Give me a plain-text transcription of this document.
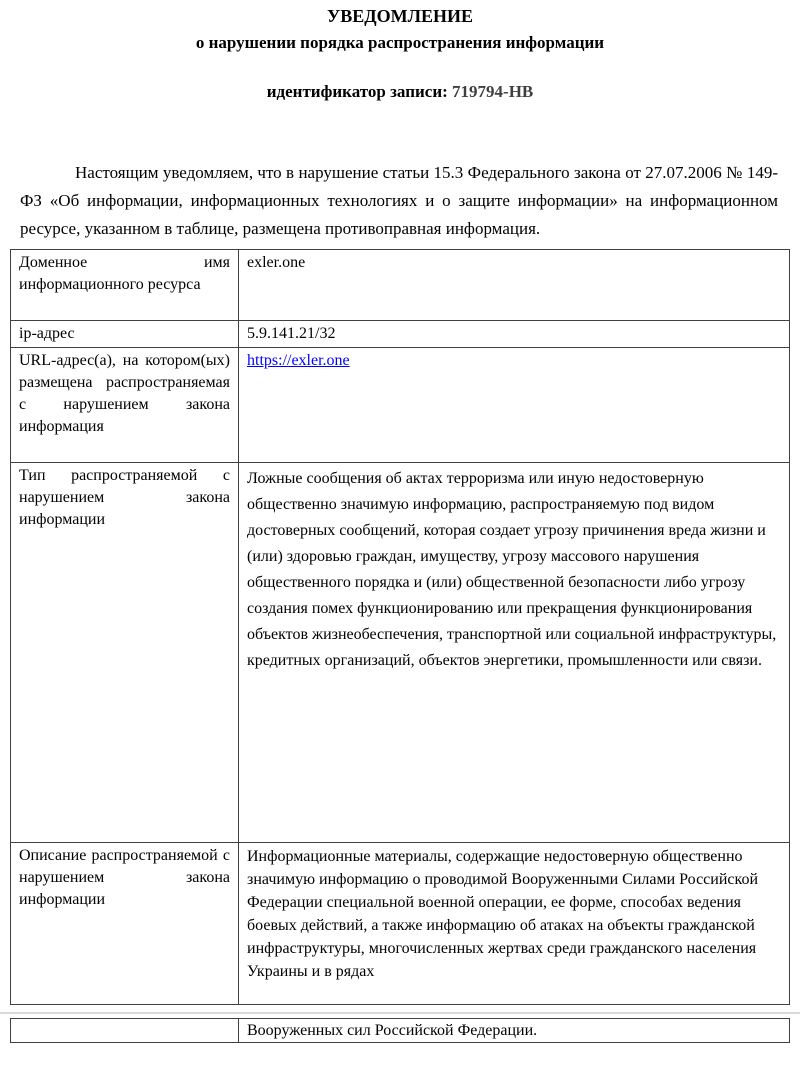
УВЕДОМЛЕНИЕ
о нарушении порядка распространения информации
идентификатор записи: 719794-НВ

Настоящим уведомляем, что в нарушение статьи 15.3 Федерального закона от 27.07.2006 № 149-ФЗ «Об информации, информационных технологиях и о защите информации» на информационном ресурсе, указанном в таблице, размещена противоправная информация.

Доменное имя информационного ресурса	exler.one
ip-адрес	5.9.141.21/32
URL-адрес(а), на котором(ых) размещена распространяемая с нарушением закона информация	https://exler.one
Тип распространяемой с нарушением закона информации	Ложные сообщения об актах терроризма или иную недостоверную общественно значимую информацию, распространяемую под видом достоверных сообщений, которая создает угрозу причинения вреда жизни и (или) здоровью граждан, имуществу, угрозу массового нарушения общественного порядка и (или) общественной безопасности либо угрозу создания помех функционированию или прекращения функционирования объектов жизнеобеспечения, транспортной или социальной инфраструктуры, кредитных организаций, объектов энергетики, промышленности или связи.
Описание распространяемой с нарушением закона информации	Информационные материалы, содержащие недостоверную общественно значимую информацию о проводимой Вооруженными Силами Российской Федерации специальной военной операции, ее форме, способах ведения боевых действий, а также информацию об атаках на объекты гражданской инфраструктуры, многочисленных жертвах среди гражданского населения Украины и в рядах
	Вооруженных сил Российской Федерации.
